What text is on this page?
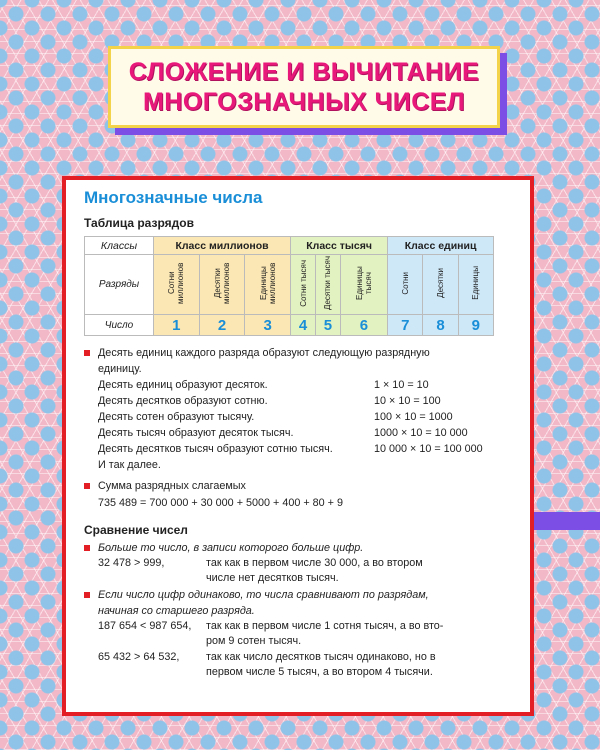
СЛОЖЕНИЕ И ВЫЧИТАНИЕ
МНОГОЗНАЧНЫХ ЧИСЕЛ
Многозначные числа
Таблица разрядов
Классы	Класс миллионов			Класс тысяч			Класс единиц		
Разряды	Сотни миллионов	Десятки миллионов	Единицы миллионов	Сотни тысяч	Десятки тысяч	Единицы тысяч	Сотни	Десятки	Единицы
Число	1	2	3	4	5	6	7	8	9
Десять единиц каждого разряда образуют следующую разрядную
единицу.
Десять единиц образуют десяток.	1 × 10 = 10
Десять десятков образуют сотню.	10 × 10 = 100
Десять сотен образуют тысячу.	100 × 10 = 1000
Десять тысяч образуют десяток тысяч.	1000 × 10 = 10 000
Десять десятков тысяч образуют сотню тысяч.	10 000 × 10 = 100 000
И так далее.
Сумма разрядных слагаемых
735 489 = 700 000 + 30 000 + 5000 + 400 + 80 + 9
Сравнение чисел
Больше то число, в записи которого больше цифр.
32 478 > 999,	так как в первом числе 30 000, а во втором
числе нет десятков тысяч.
Если число цифр одинаково, то числа сравнивают по разрядам,
начиная со старшего разряда.
187 654 < 987 654,	так как в первом числе 1 сотня тысяч, а во вто-
ром 9 сотен тысяч.
65 432 > 64 532,	так как число десятков тысяч одинаково, но в
первом числе 5 тысяч, а во втором 4 тысячи.
